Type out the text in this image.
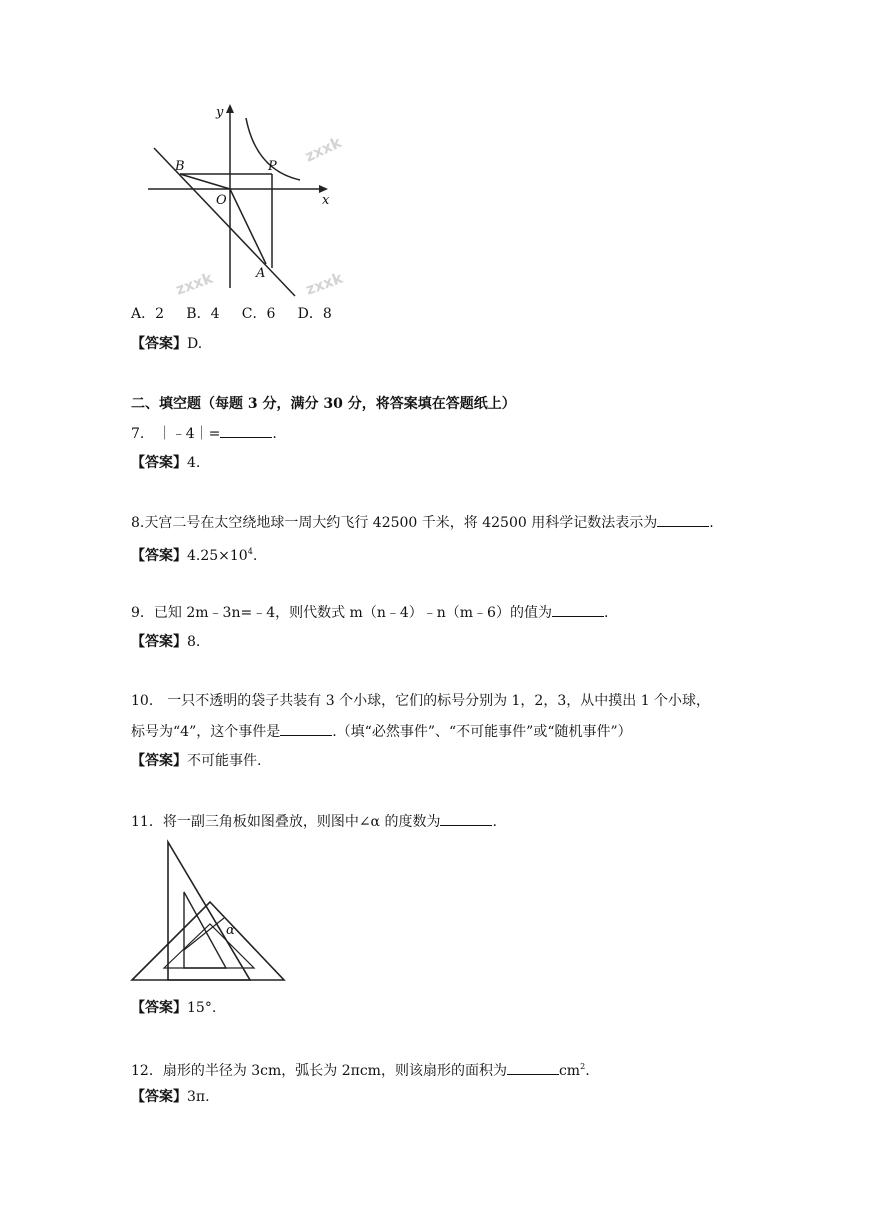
zxxk
zxxk	zxxk
y
x
B	P
O
A
A．2 B．4 C．6 D．8
【答案】D.
二、填空题（每题 3 分，满分 30 分，将答案填在答题纸上）
7. ｜﹣4｜=	.
【答案】4.
8.天宫二号在太空绕地球一周大约飞行 42500 千米，将 42500 用科学记数法表示为	.
【答案】$4.25\times 10^4$.
9．已知 2m﹣3n=﹣4，则代数式 m（n﹣4）﹣n（m﹣6）的值为	.
【答案】8.
10． 一只不透明的袋子共装有 3 个小球，它们的标号分别为 1，2，3，从中摸出 1 个小球，
标号为“4”，这个事件是	.（填“必然事件”、“不可能事件”或“随机事件”）
【答案】不可能事件.
11．将一副三角板如图叠放，则图中∠α 的度数为	.
α
【答案】15°.
12．扇形的半径为 3cm，弧长为 2πcm，则该扇形的面积为	$cm^2$.
【答案】3π.
